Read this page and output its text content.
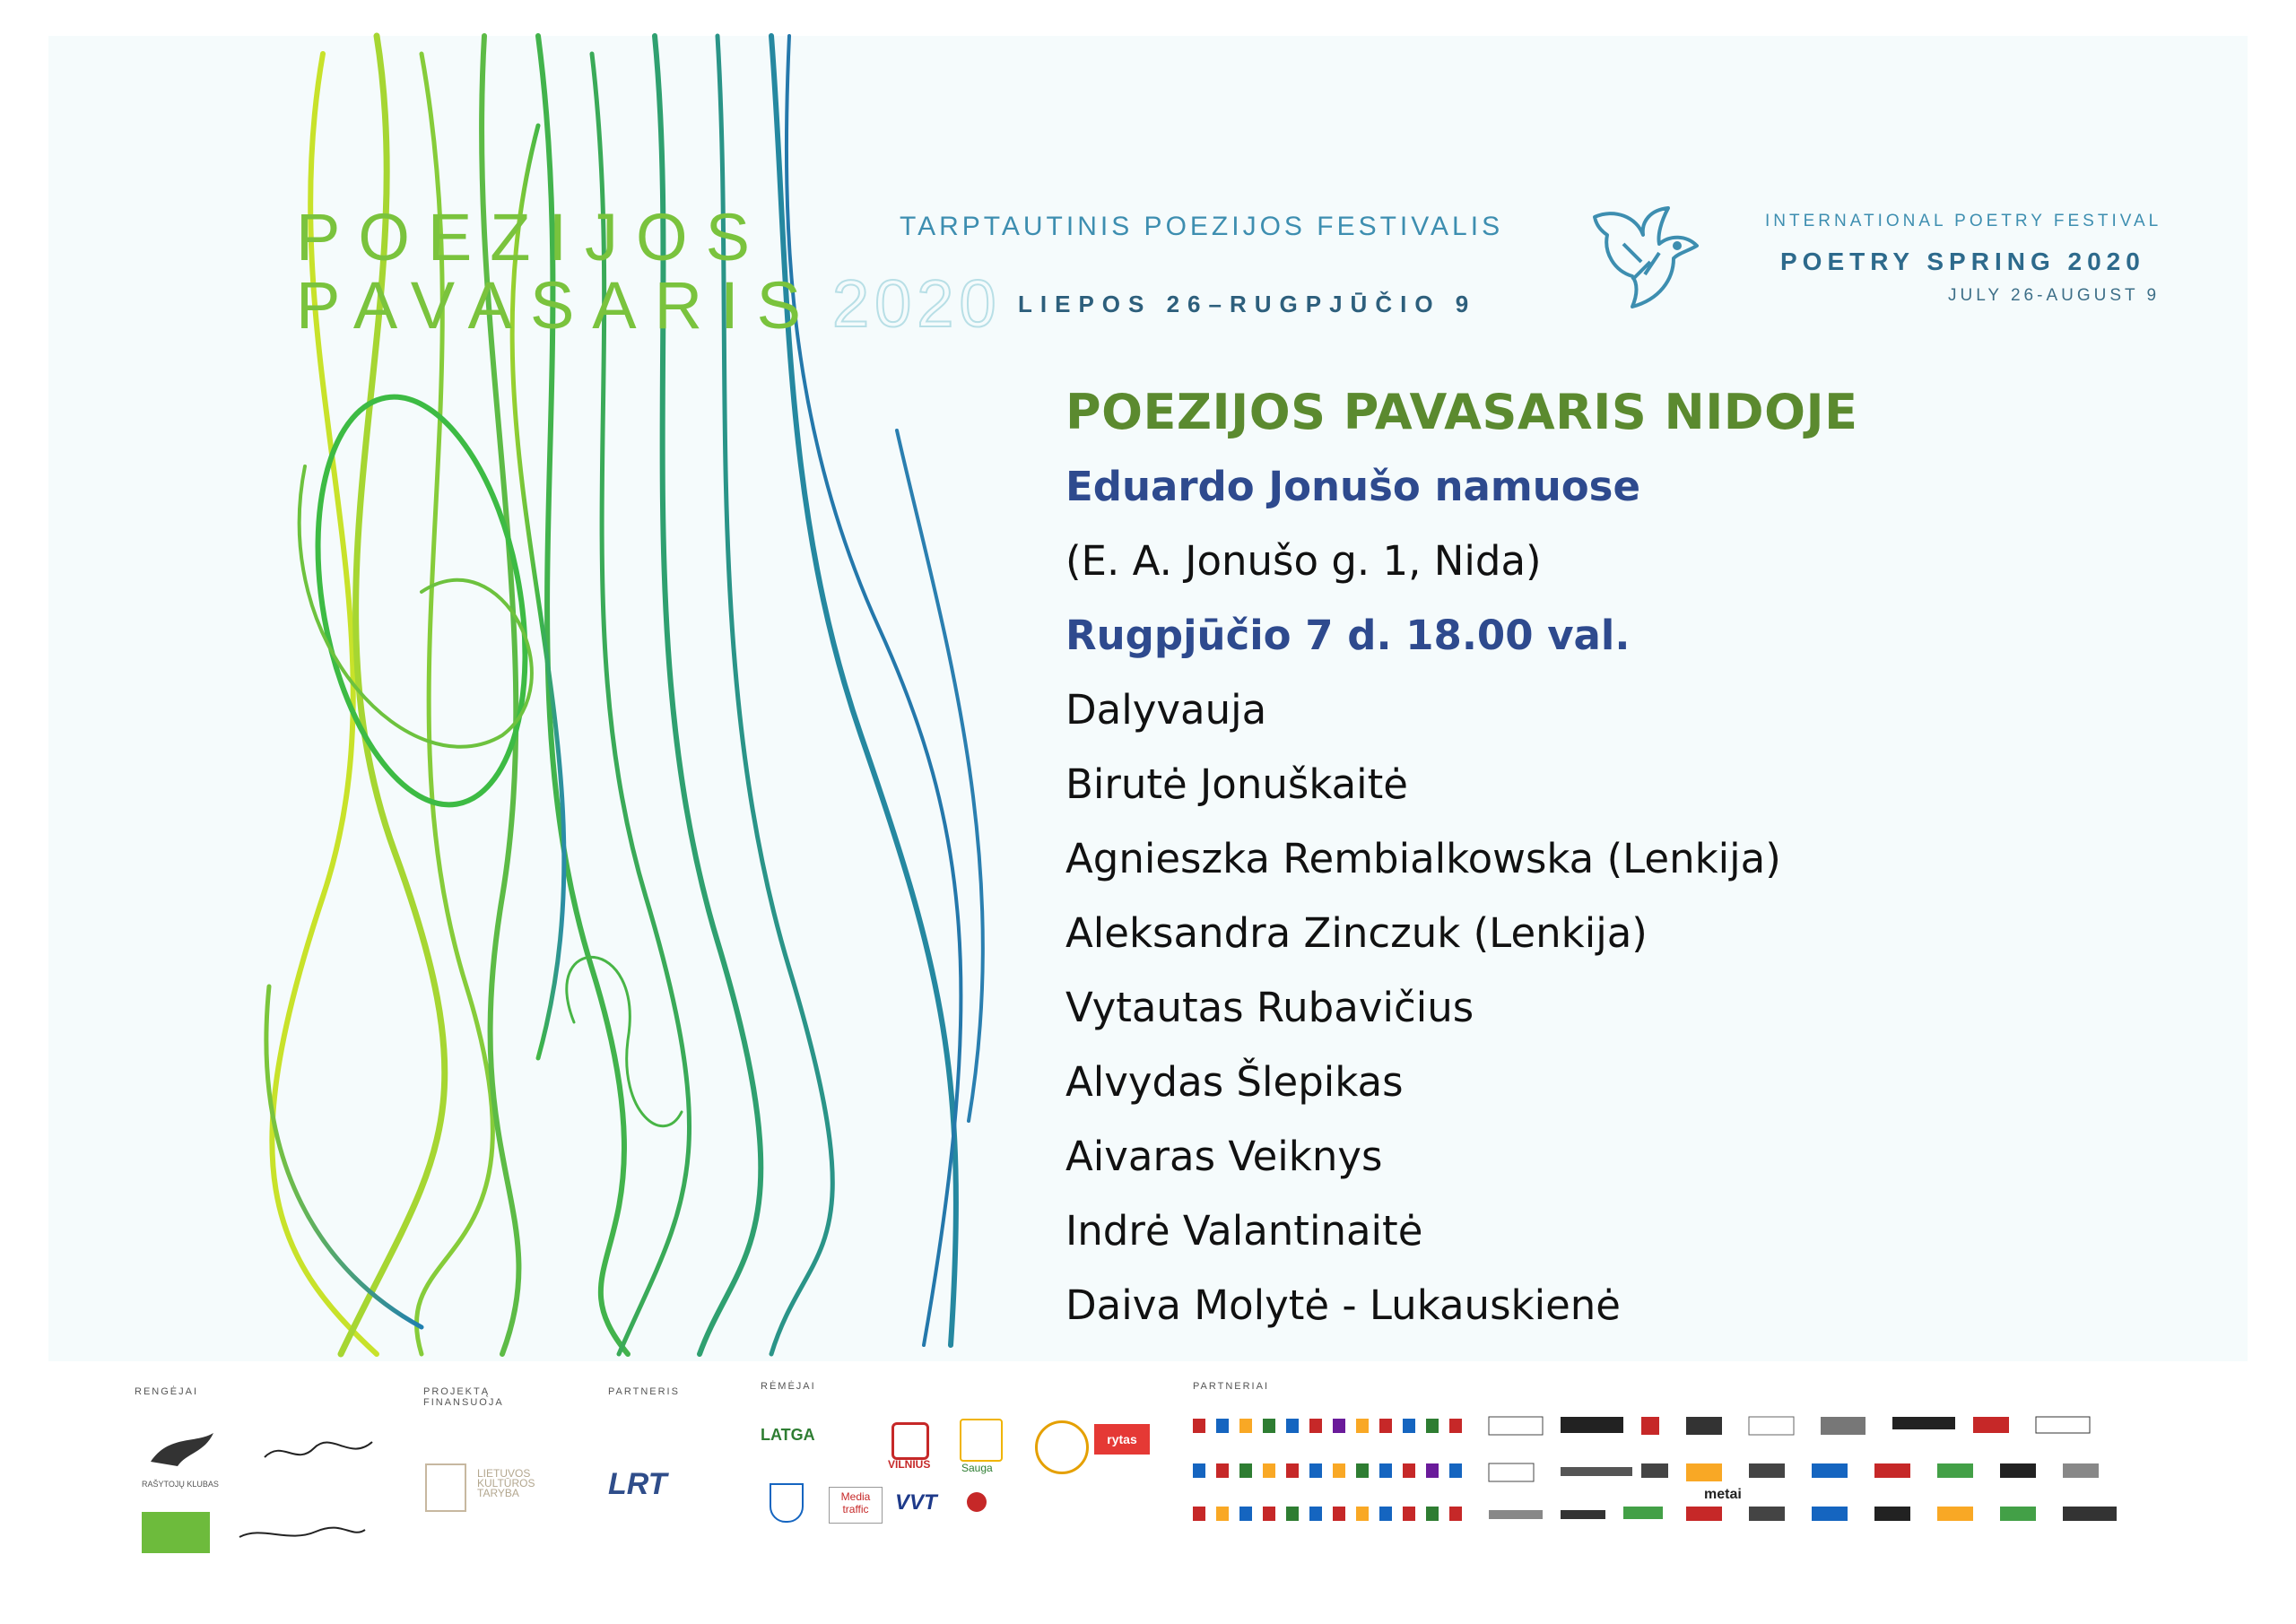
POEZIJOS
PAVASARIS 2020
TARPTAUTINIS POEZIJOS FESTIVALIS
LIEPOS 26–RUGPJŪČIO 9
INTERNATIONAL POETRY FESTIVAL
POETRY SPRING 2020
JULY 26-AUGUST 9
POEZIJOS PAVASARIS NIDOJE
Eduardo Jonušo namuose
(E. A. Jonušo g. 1, Nida)
Rugpjūčio 7 d. 18.00 val.
Dalyvauja
Birutė Jonuškaitė
Agnieszka Rembialkowska (Lenkija)
Aleksandra Zinczuk (Lenkija)
Vytautas Rubavičius
Alvydas Šlepikas
Aivaras Veiknys
Indrė Valantinaitė
Daiva Molytė - Lukauskienė
RENGĖJAI	PROJEKTĄ FINANSUOJA
PARTNERIS	RĖMĖJAI	PARTNERIAI
RAŠYTOJŲ KLUBAS
LIETUVOS KULTŪROS TARYBA	LRT
LATGA
VILNIUS	Sauga
rytas
Media traffic	VVT	metai
